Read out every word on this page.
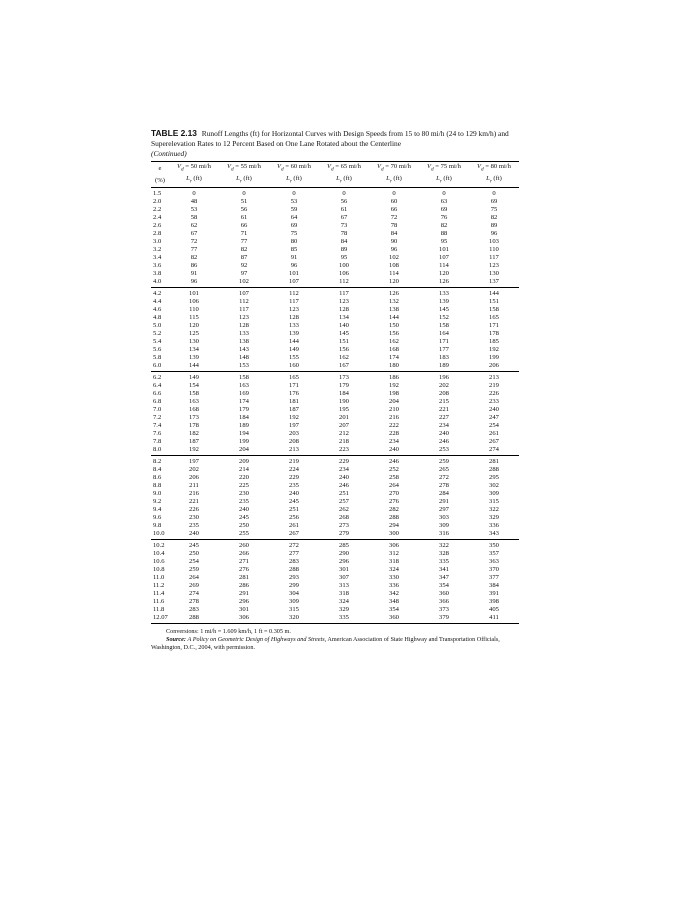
TABLE 2.13 Runoff Lengths (ft) for Horizontal Curves with Design Speeds from 15 to 80 mi/h (24 to 129 km/h) and Superelevation Rates to 12 Percent Based on One Lane Rotated about the Centerline
(Continued)

e	$V_d = 50$ mi/h	$V_d = 55$ mi/h	$V_d = 60$ mi/h	$V_d = 65$ mi/h	$V_d = 70$ mi/h	$V_d = 75$ mi/h	$V_d = 80$ mi/h
(%)	$L_r$ (ft)	$L_r$ (ft)	$L_r$ (ft)	$L_r$ (ft)	$L_r$ (ft)	$L_r$ (ft)	$L_r$ (ft)
1.5	0	0	0	0	0	0	0
2.0	48	51	53	56	60	63	69
2.2	53	56	59	61	66	69	75
2.4	58	61	64	67	72	76	82
2.6	62	66	69	73	78	82	89
2.8	67	71	75	78	84	88	96
3.0	72	77	80	84	90	95	103
3.2	77	82	85	89	96	101	110
3.4	82	87	91	95	102	107	117
3.6	86	92	96	100	108	114	123
3.8	91	97	101	106	114	120	130
4.0	96	102	107	112	120	126	137
4.2	101	107	112	117	126	133	144
4.4	106	112	117	123	132	139	151
4.6	110	117	123	128	138	145	158
4.8	115	123	128	134	144	152	165
5.0	120	128	133	140	150	158	171
5.2	125	133	139	145	156	164	178
5.4	130	138	144	151	162	171	185
5.6	134	143	149	156	168	177	192
5.8	139	148	155	162	174	183	199
6.0	144	153	160	167	180	189	206
6.2	149	158	165	173	186	196	213
6.4	154	163	171	179	192	202	219
6.6	158	169	176	184	198	208	226
6.8	163	174	181	190	204	215	233
7.0	168	179	187	195	210	221	240
7.2	173	184	192	201	216	227	247
7.4	178	189	197	207	222	234	254
7.6	182	194	203	212	228	240	261
7.8	187	199	208	218	234	246	267
8.0	192	204	213	223	240	253	274
8.2	197	209	219	229	246	259	281
8.4	202	214	224	234	252	265	288
8.6	206	220	229	240	258	272	295
8.8	211	225	235	246	264	278	302
9.0	216	230	240	251	270	284	309
9.2	221	235	245	257	276	291	315
9.4	226	240	251	262	282	297	322
9.6	230	245	256	268	288	303	329
9.8	235	250	261	273	294	309	336
10.0	240	255	267	279	300	316	343
10.2	245	260	272	285	306	322	350
10.4	250	266	277	290	312	328	357
10.6	254	271	283	296	318	335	363
10.8	259	276	288	301	324	341	370
11.0	264	281	293	307	330	347	377
11.2	269	286	299	313	336	354	384
11.4	274	291	304	318	342	360	391
11.6	278	296	309	324	348	366	398
11.8	283	301	315	329	354	373	405
12.07	288	306	320	335	360	379	411

Conversions: 1 mi/h = 1.609 km/h, 1 ft = 0.305 m.

Source: A Policy on Geometric Design of Highways and Streets, American Association of State Highway and Transportation Officials, Washington, D.C., 2004, with permission.
